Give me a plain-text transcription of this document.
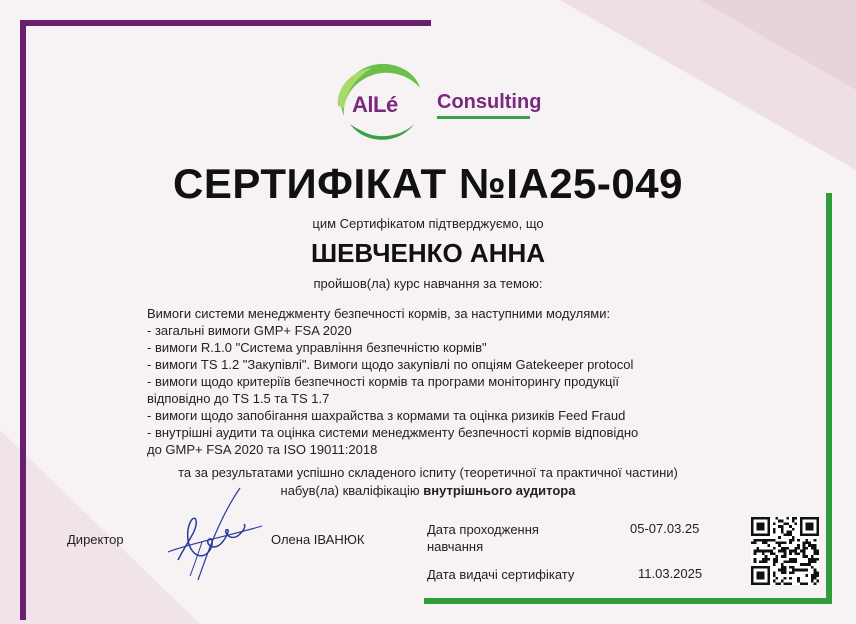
AlLé Consulting
СЕРТИФІКАТ №IA25-049
цим Сертифікатом підтверджуємо, що
ШЕВЧЕНКО АННА
пройшов(ла) курс навчання за темою:
Вимоги системи менеджменту безпечності кормів, за наступними модулями:
- загальні вимоги GMP+ FSA 2020
- вимоги R.1.0 "Система управління безпечністю кормів"
- вимоги TS 1.2 "Закупівлі". Вимоги щодо закупівлі по опціям Gatekeeper protocol
- вимоги щодо критеріїв безпечності кормів та програми моніторингу продукції
відповідно до TS 1.5 та TS 1.7
- вимоги щодо запобігання шахрайства з кормами та оцінка ризиків Feed Fraud
- внутрішні аудити та оцінка системи менеджменту безпечності кормів відповідно
до GMP+ FSA 2020 та ISO 19011:2018
та за результатами успішно складеного іспиту (теоретичної та практичної частини)
набув(ла) кваліфікацію внутрішнього аудитора
Директор	Олена ІВАНЮК
Дата проходження
навчання
05-07.03.25
Дата видачі сертифікату	11.03.2025
